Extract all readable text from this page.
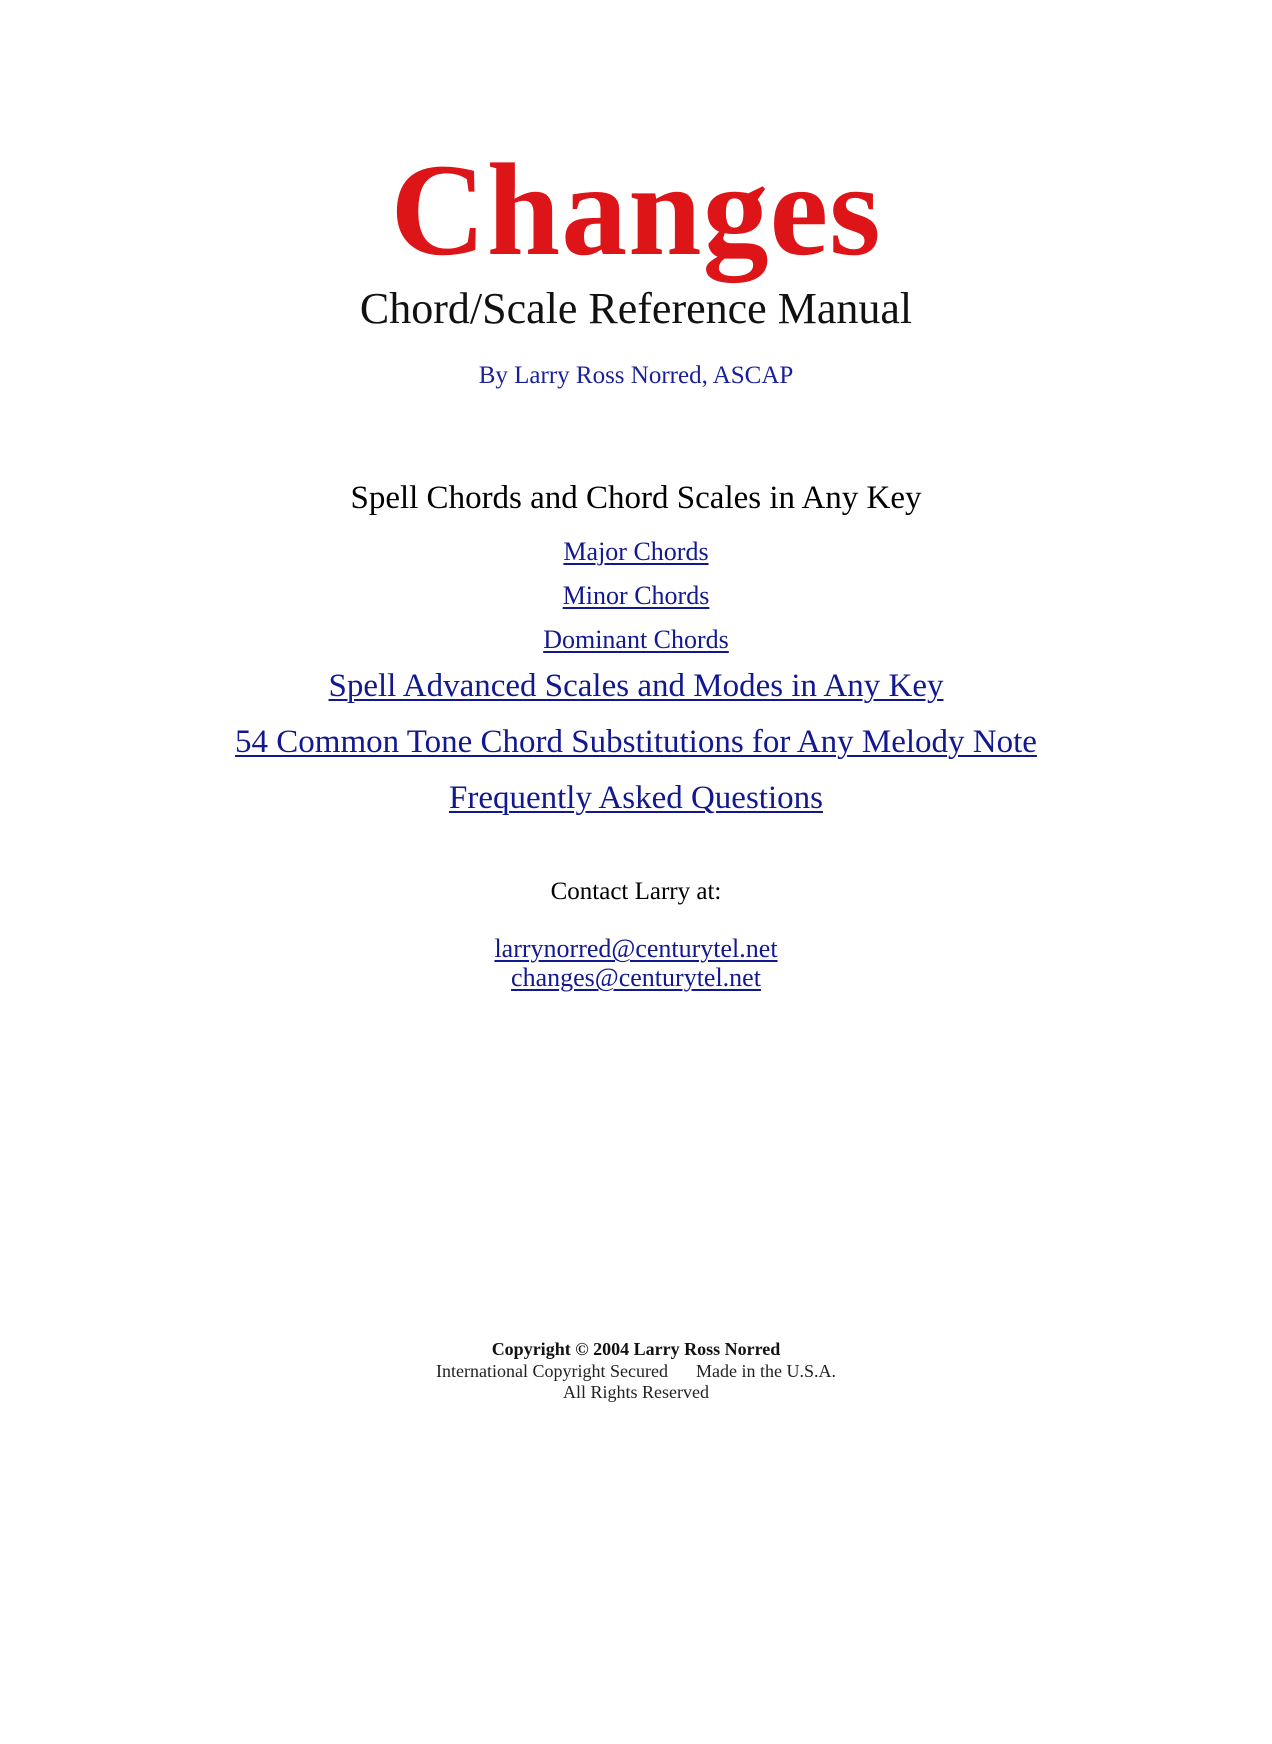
Changes
Chord/Scale Reference Manual
By Larry Ross Norred, ASCAP
Spell Chords and Chord Scales in Any Key
Major Chords
Minor Chords
Dominant Chords
Spell Advanced Scales and Modes in Any Key
54 Common Tone Chord Substitutions for Any Melody Note
Frequently Asked Questions
Contact Larry at:
larrynorred@centurytel.net
changes@centurytel.net
Copyright © 2004 Larry Ross Norred
International Copyright Secured Made in the U.S.A.
All Rights Reserved
